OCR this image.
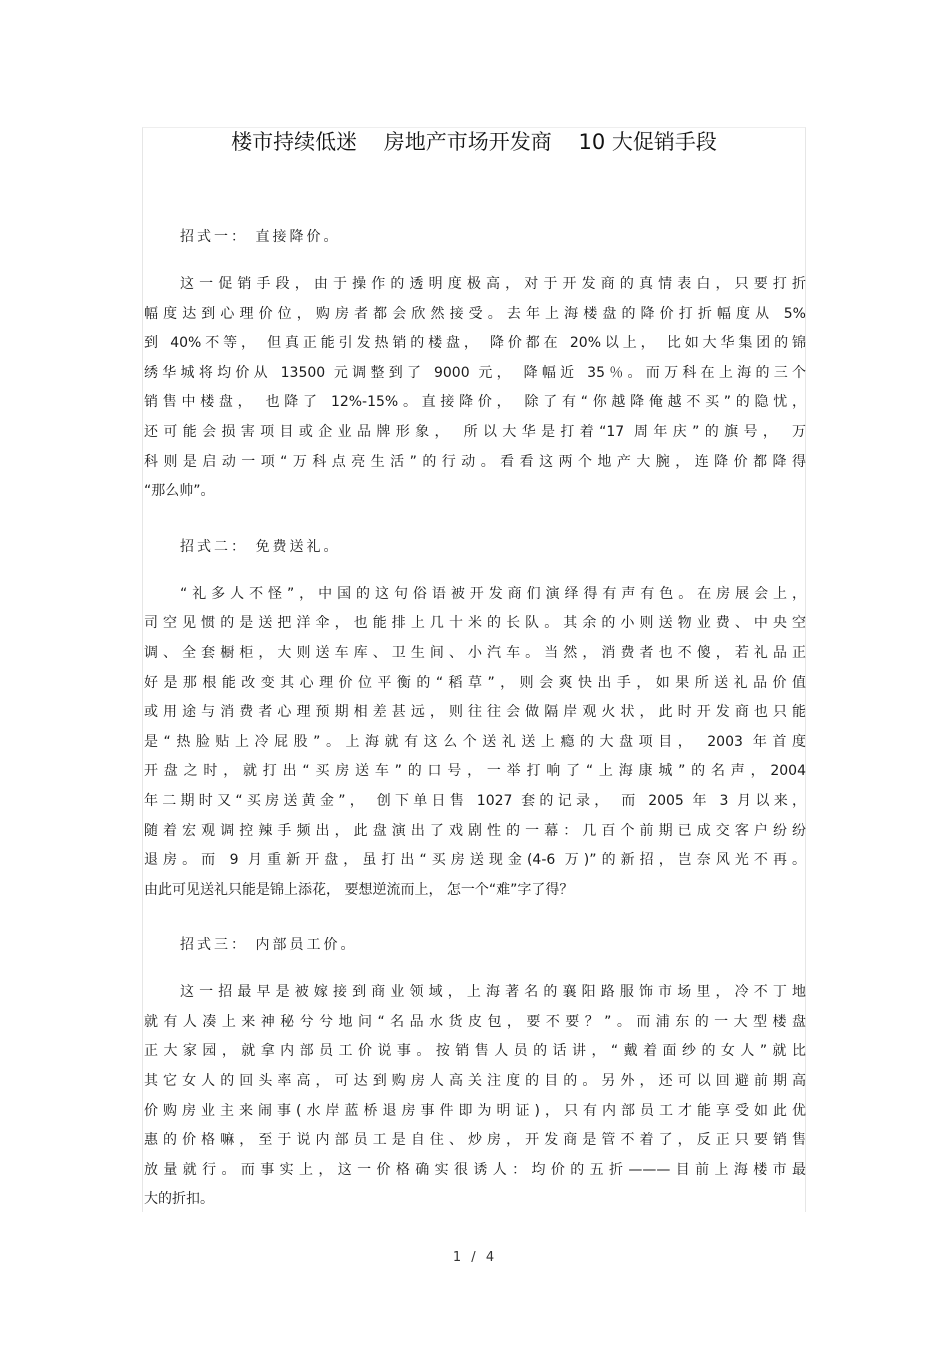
楼市持续低迷    房地产市场开发商    10 大促销手段
招式一： 直接降价。

这一促销手段，由于操作的透明度极高，对于开发商的真情表白，只要打折
幅度达到心理价位，购房者都会欣然接受。去年上海楼盘的降价打折幅度从 5%
到 40%不等， 但真正能引发热销的楼盘， 降价都在 20%以上， 比如大华集团的锦
绣华城将均价从 13500 元调整到了 9000 元， 降幅近 35％。而万科在上海的三个
销售中楼盘， 也降了 12%-15%。直接降价， 除了有“你越降俺越不买”的隐忧，
还可能会损害项目或企业品牌形象， 所以大华是打着“17 周年庆”的旗号， 万
科则是启动一项“万科点亮生活”的行动。看看这两个地产大腕，连降价都降得
“那么帅”。

招式二： 免费送礼。

“礼多人不怪”，中国的这句俗语被开发商们演绎得有声有色。在房展会上，
司空见惯的是送把洋伞，也能排上几十米的长队。其余的小则送物业费、中央空
调、全套橱柜，大则送车库、卫生间、小汽车。当然，消费者也不傻，若礼品正
好是那根能改变其心理价位平衡的“稻草”，则会爽快出手，如果所送礼品价值
或用途与消费者心理预期相差甚远，则往往会做隔岸观火状，此时开发商也只能
是“热脸贴上冷屁股”。上海就有这么个送礼送上瘾的大盘项目， 2003 年首度
开盘之时，就打出“买房送车”的口号，一举打响了“上海康城”的名声，2004
年二期时又“买房送黄金”， 创下单日售 1027 套的记录， 而 2005 年 3 月以来，
随着宏观调控辣手频出，此盘演出了戏剧性的一幕：几百个前期已成交客户纷纷
退房。而 9 月重新开盘，虽打出“买房送现金(4-6 万)”的新招，岂奈风光不再。
由此可见送礼只能是锦上添花， 要想逆流而上， 怎一个“难”字了得？

招式三： 内部员工价。

这一招最早是被嫁接到商业领域，上海著名的襄阳路服饰市场里，冷不丁地
就有人凑上来神秘兮兮地问“名品水货皮包，要不要？”。而浦东的一大型楼盘
正大家园，就拿内部员工价说事。按销售人员的话讲，“戴着面纱的女人”就比
其它女人的回头率高，可达到购房人高关注度的目的。另外，还可以回避前期高
价购房业主来闹事(水岸蓝桥退房事件即为明证)，只有内部员工才能享受如此优
惠的价格嘛，至于说内部员工是自住、炒房，开发商是管不着了，反正只要销售
放量就行。而事实上，这一价格确实很诱人：均价的五折———目前上海楼市最
大的折扣。

1 / 4
